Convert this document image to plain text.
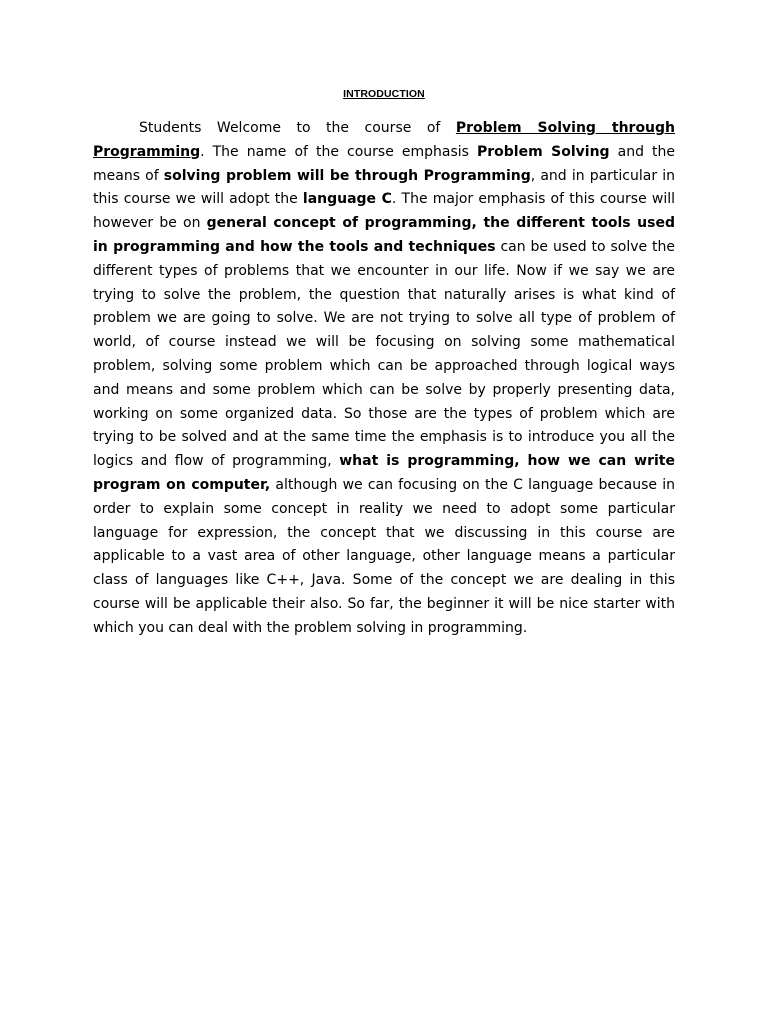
INTRODUCTION

Students Welcome to the course of Problem Solving through Programming. The name of the course emphasis Problem Solving and the means of solving problem will be through Programming, and in particular in this course we will adopt the language C. The major emphasis of this course will however be on general concept of programming, the different tools used in programming and how the tools and techniques can be used to solve the different types of problems that we encounter in our life. Now if we say we are trying to solve the problem, the question that naturally arises is what kind of problem we are going to solve. We are not trying to solve all type of problem of world, of course instead we will be focusing on solving some mathematical problem, solving some problem which can be approached through logical ways and means and some problem which can be solve by properly presenting data, working on some organized data. So those are the types of problem which are trying to be solved and at the same time the emphasis is to introduce you all the logics and flow of programming, what is programming, how we can write program on computer, although we can focusing on the C language because in order to explain some concept in reality we need to adopt some particular language for expression, the concept that we discussing in this course are applicable to a vast area of other language, other language means a particular class of languages like C++, Java. Some of the concept we are dealing in this course will be applicable their also. So far, the beginner it will be nice starter with which you can deal with the problem solving in programming.
